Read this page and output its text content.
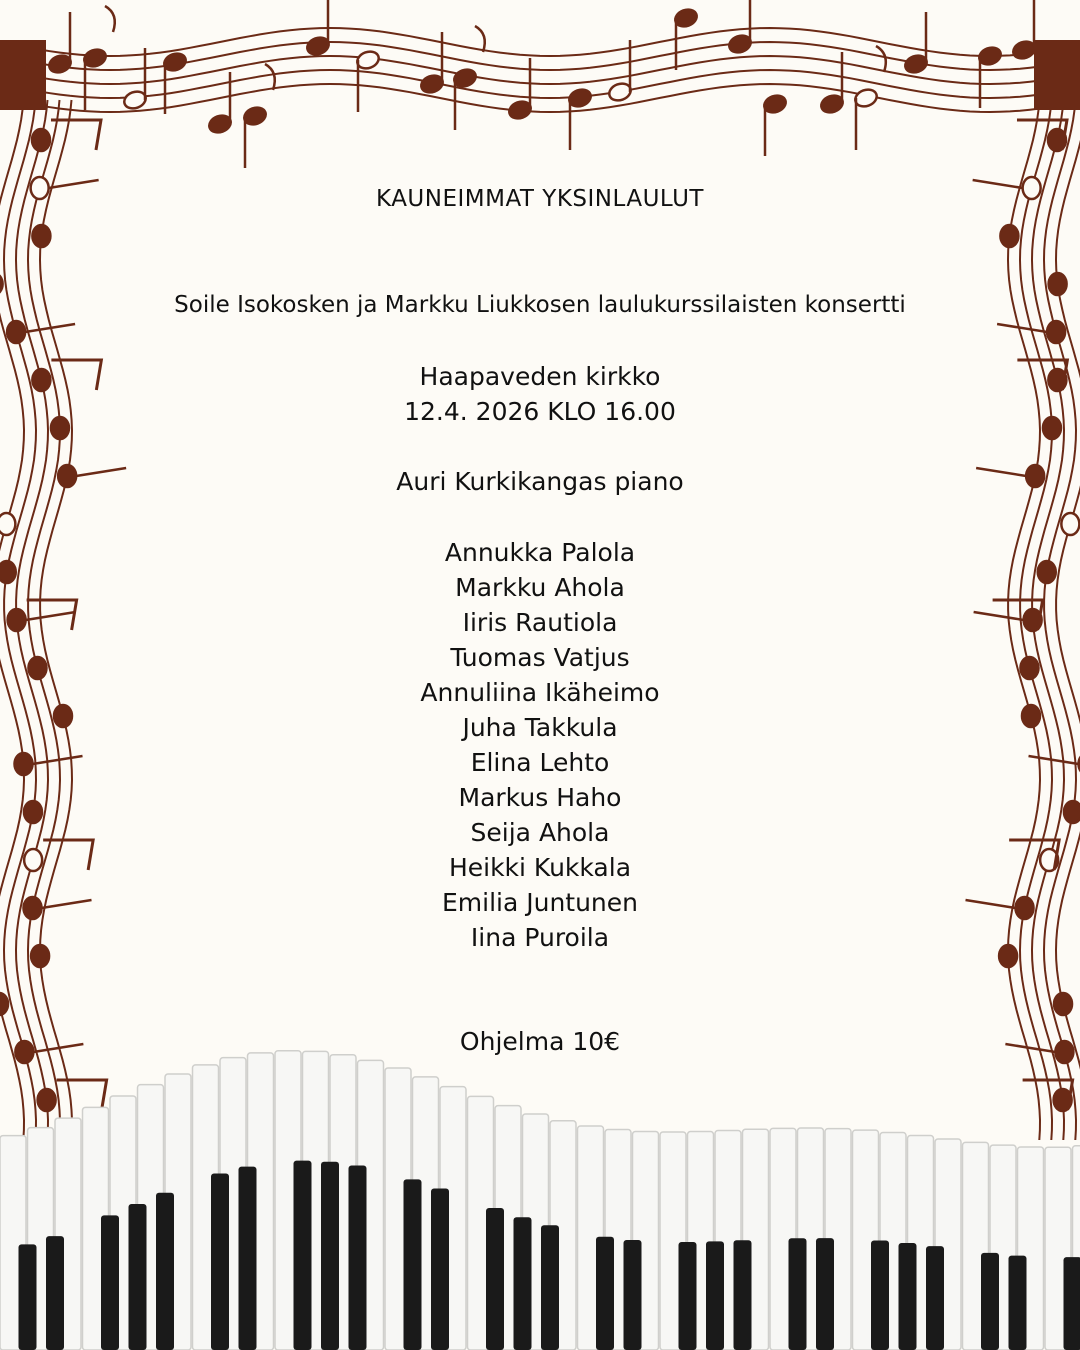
KAUNEIMMAT YKSINLAULUT
Soile Isokosken ja Markku Liukkosen laulukurssilaisten konsertti
Haapaveden kirkko
12.4. 2026 KLO 16.00
Auri Kurkikangas piano
Annukka Palola
Markku Ahola
Iiris Rautiola
Tuomas Vatjus
Annuliina Ikäheimo
Juha Takkula
Elina Lehto
Markus Haho
Seija Ahola
Heikki Kukkala
Emilia Juntunen
Iina Puroila
Ohjelma 10€
